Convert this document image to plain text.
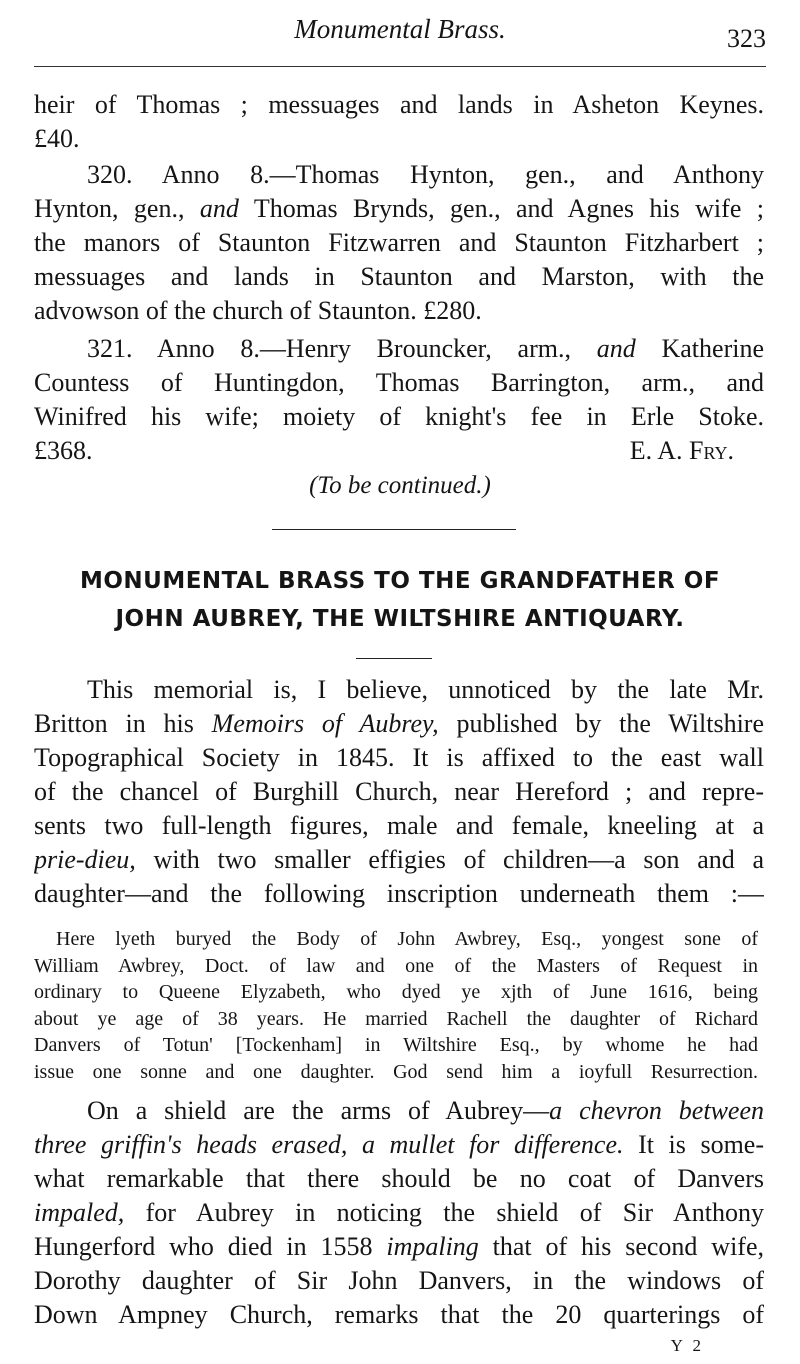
Monumental Brass.	323
heir of Thomas ; messuages and lands in Asheton Keynes.
£40.
320. Anno 8.—Thomas Hynton, gen., and Anthony
Hynton, gen., and Thomas Brynds, gen., and Agnes his wife ;
the manors of Staunton Fitzwarren and Staunton Fitzharbert ;
messuages and lands in Staunton and Marston, with the
advowson of the church of Staunton. £280.
321. Anno 8.—Henry Brouncker, arm., and Katherine
Countess of Huntingdon, Thomas Barrington, arm., and
Winifred his wife; moiety of knight's fee in Erle Stoke.
£368.	E. A. Fry.
(To be continued.)
MONUMENTAL BRASS TO THE GRANDFATHER OF
JOHN AUBREY, THE WILTSHIRE ANTIQUARY.
This memorial is, I believe, unnoticed by the late Mr.
Britton in his Memoirs of Aubrey, published by the Wiltshire
Topographical Society in 1845. It is affixed to the east wall
of the chancel of Burghill Church, near Hereford ; and repre-
sents two full-length figures, male and female, kneeling at a
prie-dieu, with two smaller effigies of children—a son and a
daughter—and the following inscription underneath them :—
Here lyeth buryed the Body of John Awbrey, Esq., yongest sone of
William Awbrey, Doct. of law and one of the Masters of Request in
ordinary to Queene Elyzabeth, who dyed ye xjth of June 1616, being
about ye age of 38 years. He married Rachell the daughter of Richard
Danvers of Totun' [Tockenham] in Wiltshire Esq., by whome he had
issue one sonne and one daughter. God send him a ioyfull Resurrection.
On a shield are the arms of Aubrey—a chevron between
three griffin's heads erased, a mullet for difference. It is some-
what remarkable that there should be no coat of Danvers
impaled, for Aubrey in noticing the shield of Sir Anthony
Hungerford who died in 1558 impaling that of his second wife,
Dorothy daughter of Sir John Danvers, in the windows of
Down Ampney Church, remarks that the 20 quarterings of
Y 2
